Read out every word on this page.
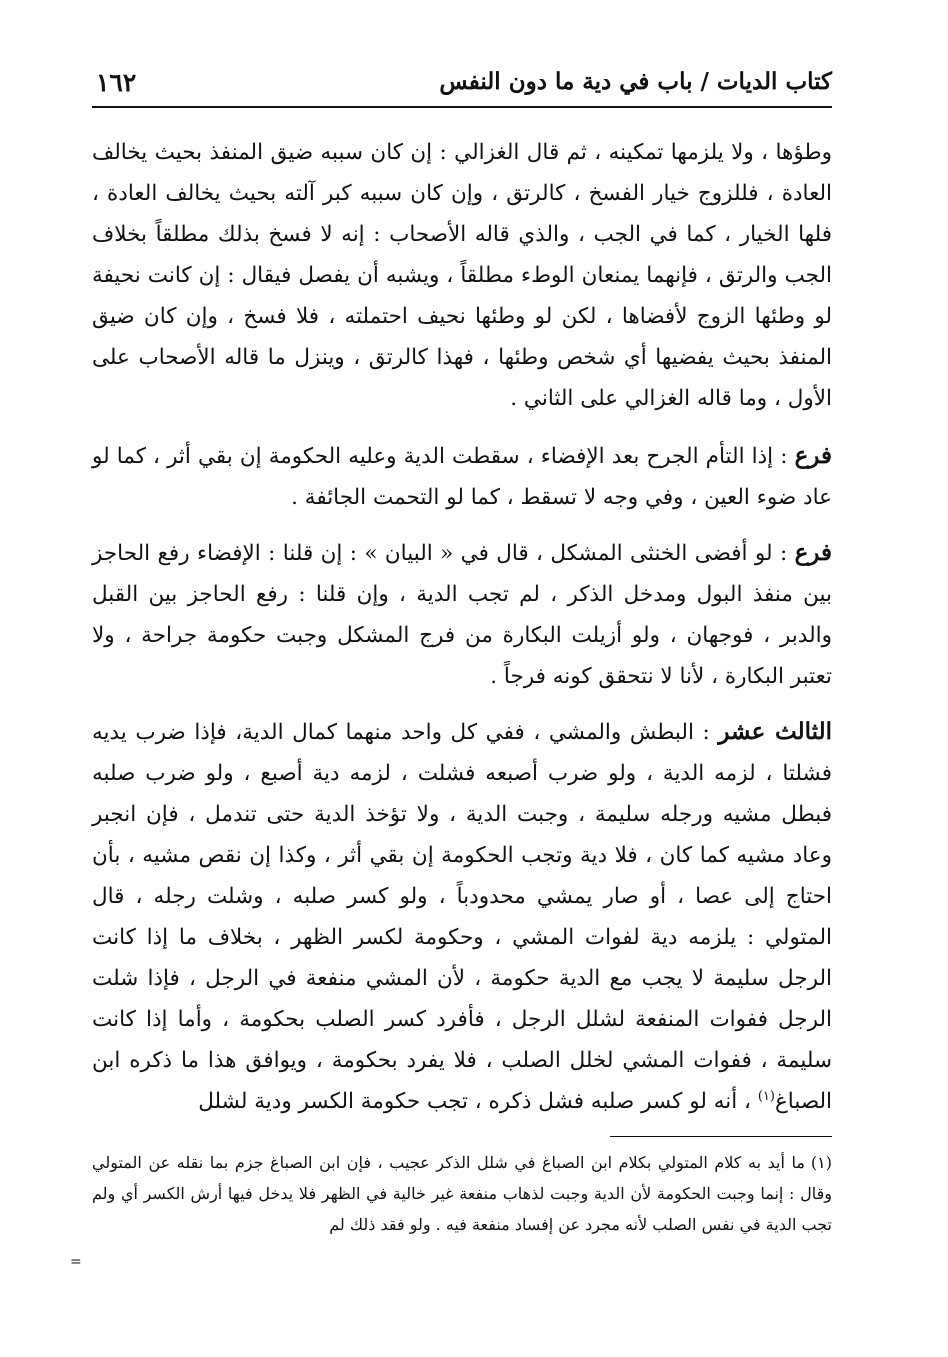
كتاب الديات / باب في دية ما دون النفس
١٦٢

وطؤها ، ولا يلزمها تمكينه ، ثم قال الغزالي : إن كان سببه ضيق المنفذ بحيث يخالف العادة ، فللزوج خيار الفسخ ، كالرتق ، وإن كان سببه كبر آلته بحيث يخالف العادة ، فلها الخيار ، كما في الجب ، والذي قاله الأصحاب : إنه لا فسخ بذلك مطلقاً بخلاف الجب والرتق ، فإنهما يمنعان الوطء مطلقاً ، ويشبه أن يفصل فيقال : إن كانت نحيفة لو وطئها الزوج لأفضاها ، لكن لو وطئها نحيف احتملته ، فلا فسخ ، وإن كان ضيق المنفذ بحيث يفضيها أي شخص وطئها ، فهذا كالرتق ، وينزل ما قاله الأصحاب على الأول ، وما قاله الغزالي على الثاني .

فرع : إذا التأم الجرح بعد الإفضاء ، سقطت الدية وعليه الحكومة إن بقي أثر ، كما لو عاد ضوء العين ، وفي وجه لا تسقط ، كما لو التحمت الجائفة .

فرع : لو أفضى الخنثى المشكل ، قال في « البيان » : إن قلنا : الإفضاء رفع الحاجز بين منفذ البول ومدخل الذكر ، لم تجب الدية ، وإن قلنا : رفع الحاجز بين القبل والدبر ، فوجهان ، ولو أزيلت البكارة من فرج المشكل وجبت حكومة جراحة ، ولا تعتبر البكارة ، لأنا لا نتحقق كونه فرجاً .

الثالث عشر : البطش والمشي ، ففي كل واحد منهما كمال الدية، فإذا ضرب يديه فشلتا ، لزمه الدية ، ولو ضرب أصبعه فشلت ، لزمه دية أصبع ، ولو ضرب صلبه فبطل مشيه ورجله سليمة ، وجبت الدية ، ولا تؤخذ الدية حتى تندمل ، فإن انجبر وعاد مشيه كما كان ، فلا دية وتجب الحكومة إن بقي أثر ، وكذا إن نقص مشيه ، بأن احتاج إلى عصا ، أو صار يمشي محدودباً ، ولو كسر صلبه ، وشلت رجله ، قال المتولي : يلزمه دية لفوات المشي ، وحكومة لكسر الظهر ، بخلاف ما إذا كانت الرجل سليمة لا يجب مع الدية حكومة ، لأن المشي منفعة في الرجل ، فإذا شلت الرجل ففوات المنفعة لشلل الرجل ، فأفرد كسر الصلب بحكومة ، وأما إذا كانت سليمة ، ففوات المشي لخلل الصلب ، فلا يفرد بحكومة ، ويوافق هذا ما ذكره ابن الصباغ$^{(١)}$ ، أنه لو كسر صلبه فشل ذكره ، تجب حكومة الكسر ودية لشلل

(١)ما أيد به كلام المتولي بكلام ابن الصباغ في شلل الذكر عجيب ، فإن ابن الصباغ جزم بما نقله عن المتولي وقال : إنما وجبت الحكومة لأن الدية وجبت لذهاب منفعة غير خالية في الظهر فلا يدخل فيها أرش الكسر أي ولم تجب الدية في نفس الصلب لأنه مجرد عن إفساد منفعة فيه . ولو فقد ذلك لم
=
